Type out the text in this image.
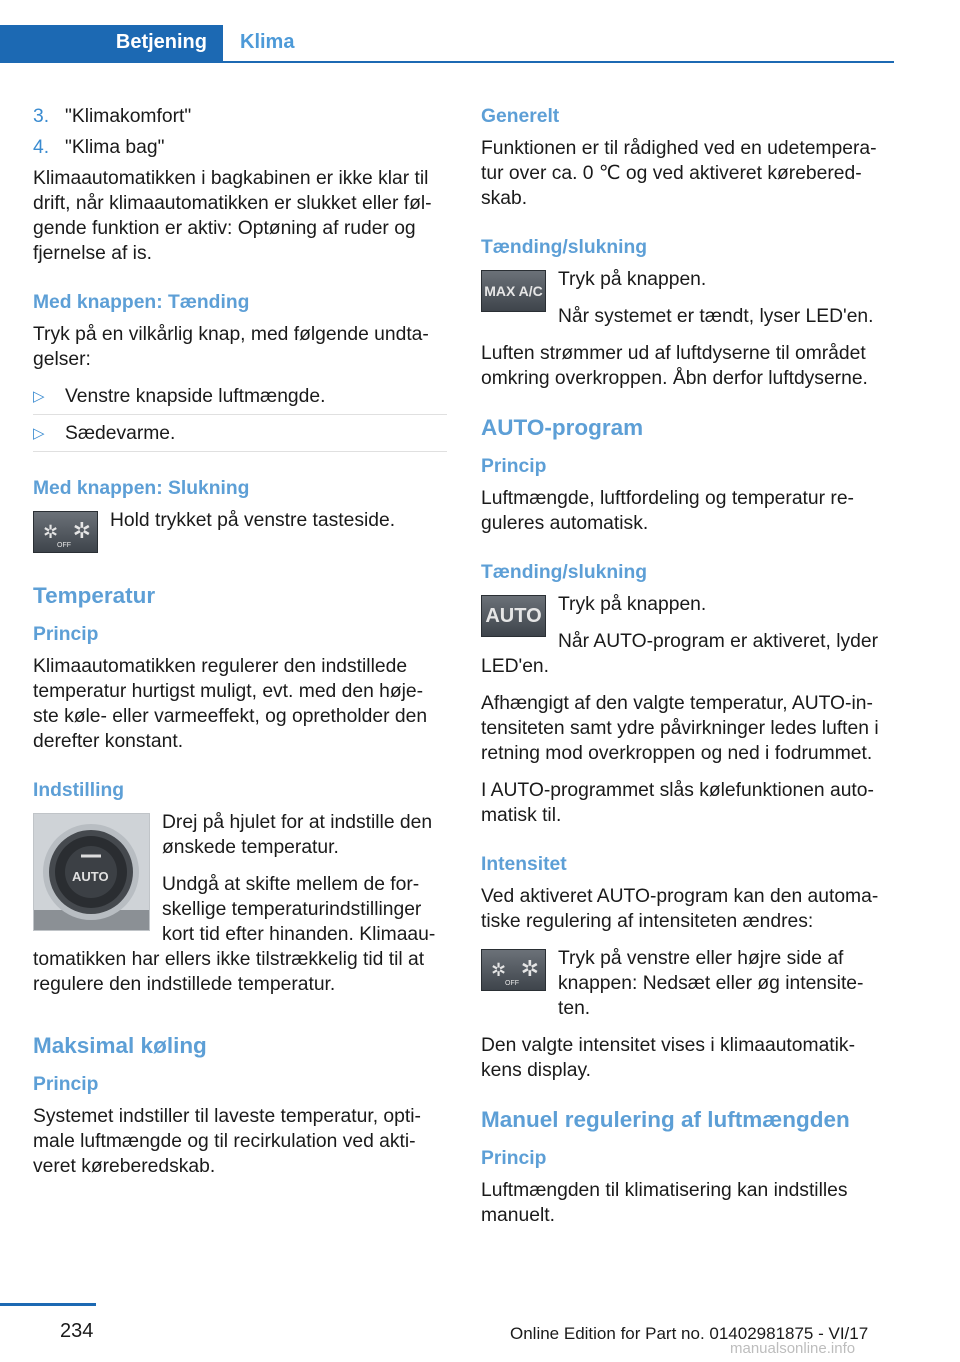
Betjening Klima
3. "Klimakomfort"
4. "Klima bag"

Klimaautomatikken i bagkabinen er ikke klar til drift, når klimaautomatikken er slukket eller føl-gende funktion er aktiv: Optøning af ruder og fjernelse af is.

Med knappen: Tænding

Tryk på en vilkårlig knap, med følgende undta-gelser:

▷ Venstre knapside luftmængde.
▷ Sædevarme.
Med knappen: Slukning
✲
OFF
✲ Hold trykket på venstre tasteside.

Temperatur
Princip

Klimaautomatikken regulerer den indstillede temperatur hurtigst muligt, evt. med den høje-ste køle- eller varmeeffekt, og opretholder den derefter konstant.

Indstilling
AUTO

Drej på hjulet for at indstille den ønskede temperatur.

Undgå at skifte mellem de for-skellige temperaturindstillinger kort tid efter hinanden. Klimaau-tomatikken har ellers ikke tilstrækkelig tid til at regulere den indstillede temperatur.

Maksimal køling
Princip

Systemet indstiller til laveste temperatur, opti-male luftmængde og til recirkulation ved akti-veret køreberedskab.

Generelt

Funktionen er til rådighed ved en udetempera-tur over ca. 0 ℃ og ved aktiveret kørebered-skab.

Tænding/slukning
MAX A/C

Tryk på knappen.

Når systemet er tændt, lyser LED'en.

Luften strømmer ud af luftdyserne til området omkring overkroppen. Åbn derfor luftdyserne.

AUTO-program
Princip

Luftmængde, luftfordeling og temperatur re-guleres automatisk.

Tænding/slukning
AUTO

Tryk på knappen.

Når AUTO-program er aktiveret, lyder LED'en.

Afhængigt af den valgte temperatur, AUTO-in-tensiteten samt ydre påvirkninger ledes luften i retning mod overkroppen og ned i fodrummet.

I AUTO-programmet slås kølefunktionen auto-matisk til.

Intensitet

Ved aktiveret AUTO-program kan den automa-tiske regulering af intensiteten ændres:

✲
OFF
✲ Tryk på venstre eller højre side af knappen: Nedsæt eller øg intensite-ten.

Den valgte intensitet vises i klimaautomatik-kens display.

Manuel regulering af luftmængden
Princip

Luftmængden til klimatisering kan indstilles manuelt.

234	Online Edition for Part no. 01402981875 - VI/17
manualsonline.info
